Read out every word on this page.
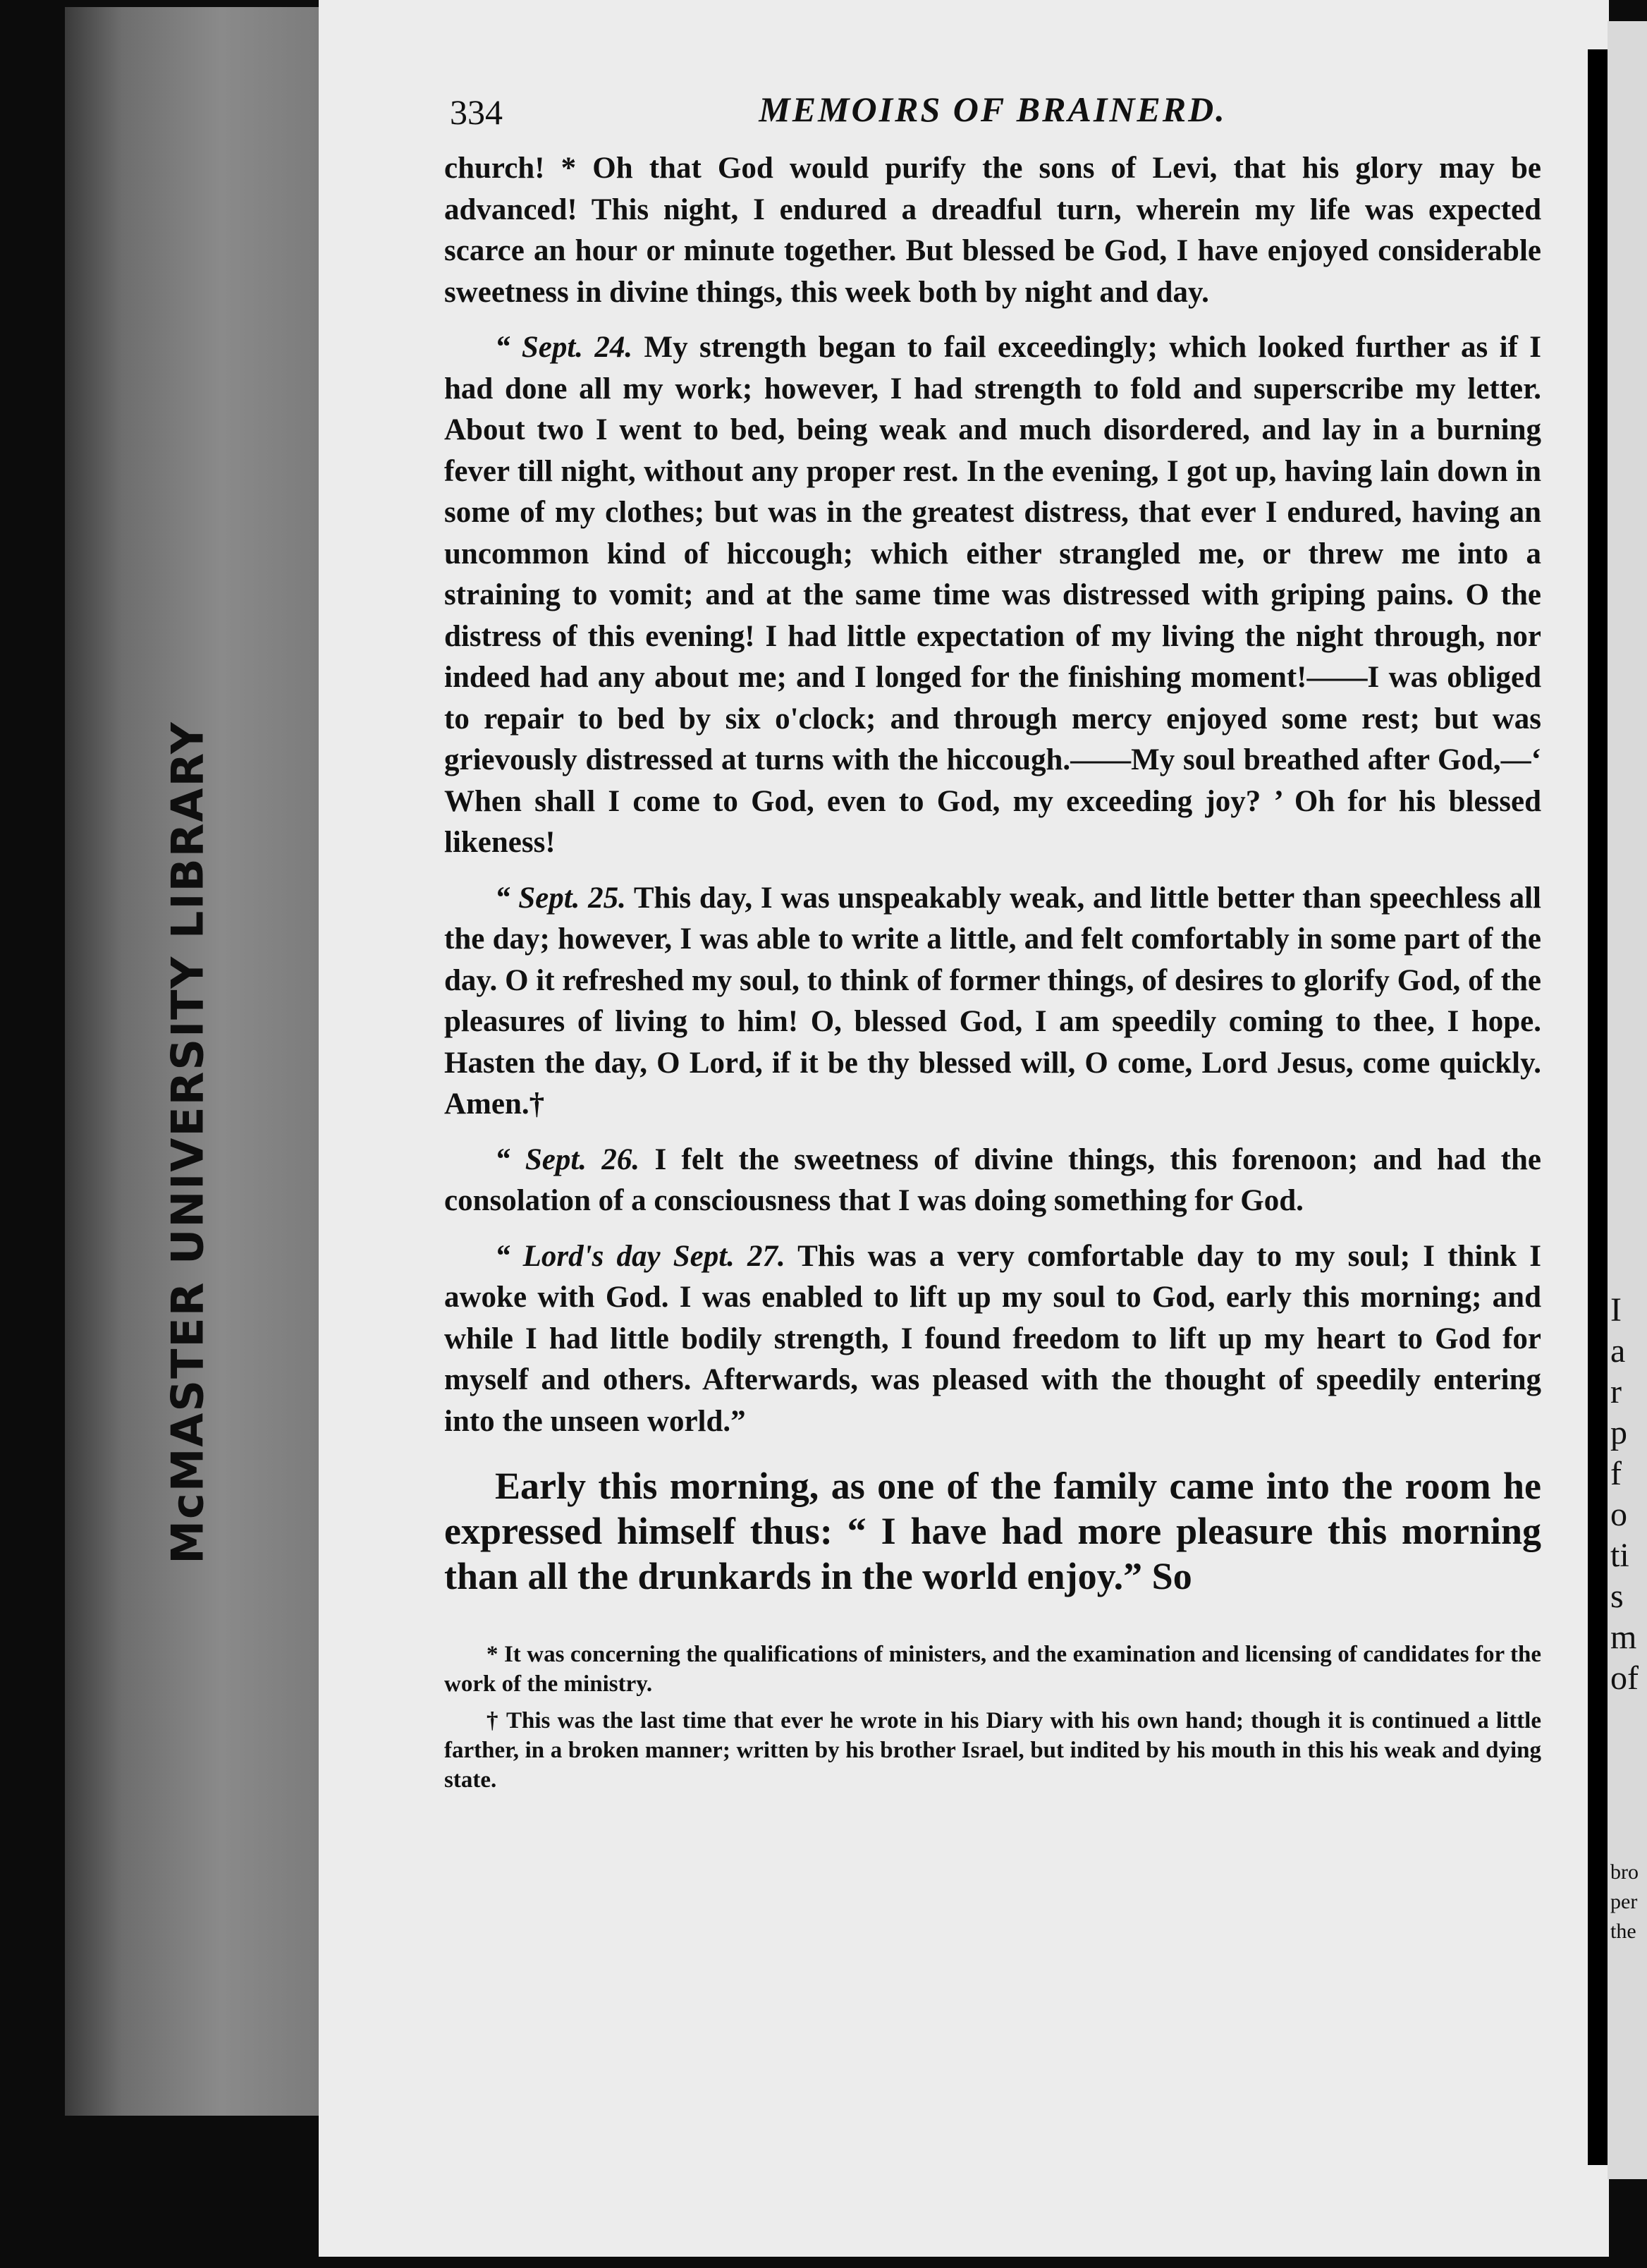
McMASTER UNIVERSITY LIBRARY	I
a
r
p
f
o
ti
s
m
of
bro
per
the
334	MEMOIRS OF BRAINERD.

church! * Oh that God would purify the sons of Levi, that his glory may be advanced! This night, I endured a dreadful turn, wherein my life was expected scarce an hour or minute together. But blessed be God, I have enjoyed considerable sweetness in divine things, this week both by night and day.

“ Sept. 24. My strength began to fail exceedingly; which looked further as if I had done all my work; however, I had strength to fold and superscribe my letter. About two I went to bed, being weak and much disordered, and lay in a burning fever till night, without any proper rest. In the evening, I got up, having lain down in some of my clothes; but was in the greatest distress, that ever I endured, having an uncommon kind of hiccough; which either strangled me, or threw me into a straining to vomit; and at the same time was distressed with griping pains. O the distress of this evening! I had little expectation of my living the night through, nor indeed had any about me; and I longed for the finishing moment!——I was obliged to repair to bed by six o'clock; and through mercy enjoyed some rest; but was grievously distressed at turns with the hiccough.——My soul breathed after God,—‘ When shall I come to God, even to God, my exceeding joy? ’ Oh for his blessed likeness!

“ Sept. 25. This day, I was unspeakably weak, and little better than speechless all the day; however, I was able to write a little, and felt comfortably in some part of the day. O it refreshed my soul, to think of former things, of desires to glorify God, of the pleasures of living to him! O, blessed God, I am speedily coming to thee, I hope. Hasten the day, O Lord, if it be thy blessed will, O come, Lord Jesus, come quickly. Amen.†

“ Sept. 26. I felt the sweetness of divine things, this forenoon; and had the consolation of a consciousness that I was doing something for God.

“ Lord's day Sept. 27. This was a very comfortable day to my soul; I think I awoke with God. I was enabled to lift up my soul to God, early this morning; and while I had little bodily strength, I found freedom to lift up my heart to God for myself and others. Afterwards, was pleased with the thought of speedily entering into the unseen world.”

Early this morning, as one of the family came into the room he expressed himself thus: “ I have had more pleasure this morning than all the drunkards in the world enjoy.” So

* It was concerning the qualifications of ministers, and the examination and licensing of candidates for the work of the ministry.

† This was the last time that ever he wrote in his Diary with his own hand; though it is continued a little farther, in a broken manner; written by his brother Israel, but indited by his mouth in this his weak and dying state.
